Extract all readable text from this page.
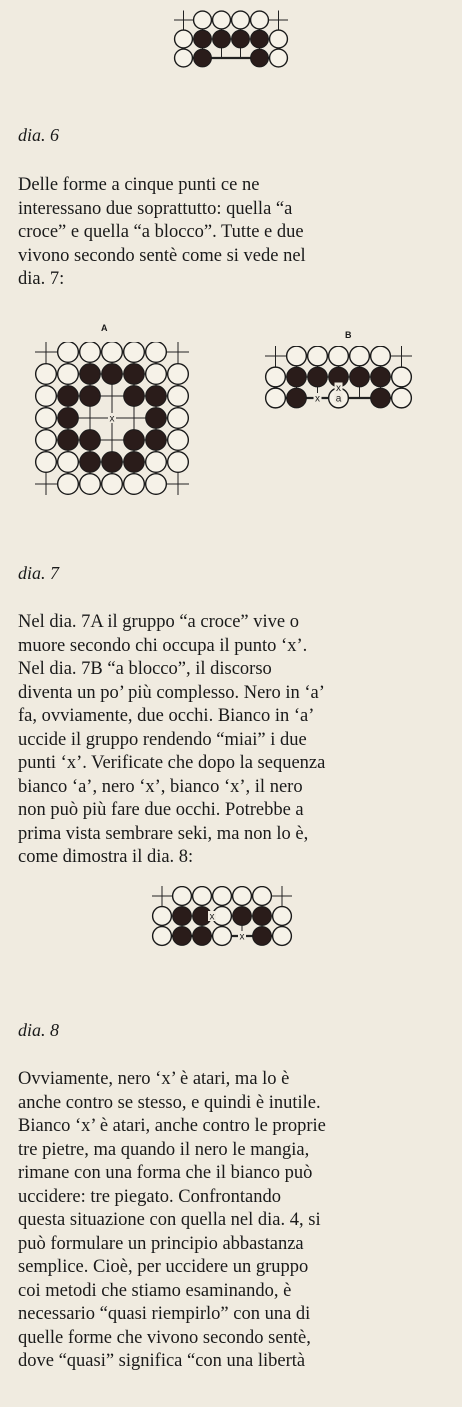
dia. 6
Delle forme a cinque punti ce ne
interessano due soprattutto: quella “a
croce” e quella “a blocco”. Tutte e due
vivono secondo sentè come si vede nel
dia. 7:
A
B
x
x a
x
dia. 7
Nel dia. 7A il gruppo “a croce” vive o
muore secondo chi occupa il punto ‘x’.
Nel dia. 7B “a blocco”, il discorso
diventa un po’ più complesso. Nero in ‘a’
fa, ovviamente, due occhi. Bianco in ‘a’
uccide il gruppo rendendo “miai” i due
punti ‘x’. Verificate che dopo la sequenza
bianco ‘a’, nero ‘x’, bianco ‘x’, il nero
non può più fare due occhi. Potrebbe a
prima vista sembrare seki, ma non lo è,
come dimostra il dia. 8:
x
x
dia. 8
Ovviamente, nero ‘x’ è atari, ma lo è
anche contro se stesso, e quindi è inutile.
Bianco ‘x’ è atari, anche contro le proprie
tre pietre, ma quando il nero le mangia,
rimane con una forma che il bianco può
uccidere: tre piegato. Confrontando
questa situazione con quella nel dia. 4, si
può formulare un principio abbastanza
semplice. Cioè, per uccidere un gruppo
coi metodi che stiamo esaminando, è
necessario “quasi riempirlo” con una di
quelle forme che vivono secondo sentè,
dove “quasi” significa “con una libertà
